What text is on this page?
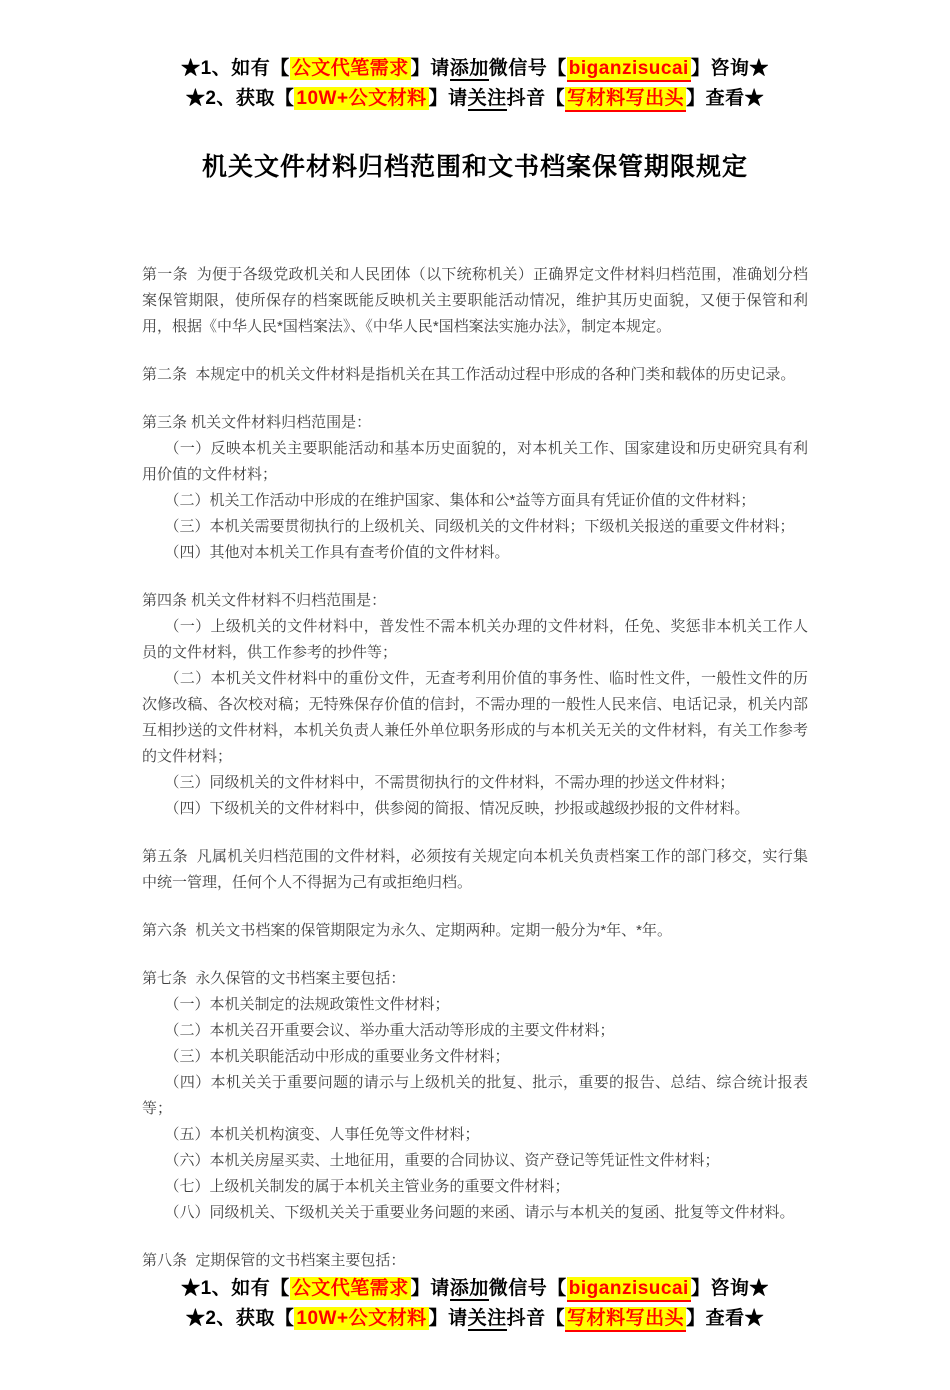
★1、如有【 公文代笔需求 】请添加微信号【 biganzisucai 】咨询★
★2、获取【 10W+公文材料 】请关注抖音【 写材料写出头 】查看★
机关文件材料归档范围和文书档案保管期限规定

第一条  为便于各级党政机关和人民团体（以下统称机关）正确界定文件材料归档范围，准确划分档案保管期限，使所保存的档案既能反映机关主要职能活动情况，维护其历史面貌，又便于保管和利用，根据《中华人民*国档案法》、《中华人民*国档案法实施办法》，制定本规定。

第二条  本规定中的机关文件材料是指机关在其工作活动过程中形成的各种门类和载体的历史记录。

第三条 机关文件材料归档范围是：

（一）反映本机关主要职能活动和基本历史面貌的，对本机关工作、国家建设和历史研究具有利用价值的文件材料；

（二）机关工作活动中形成的在维护国家、集体和公*益等方面具有凭证价值的文件材料；

（三）本机关需要贯彻执行的上级机关、同级机关的文件材料；下级机关报送的重要文件材料；

（四）其他对本机关工作具有查考价值的文件材料。

第四条 机关文件材料不归档范围是：

（一）上级机关的文件材料中，普发性不需本机关办理的文件材料，任免、奖惩非本机关工作人员的文件材料，供工作参考的抄件等；

（二）本机关文件材料中的重份文件，无查考利用价值的事务性、临时性文件，一般性文件的历次修改稿、各次校对稿；无特殊保存价值的信封，不需办理的一般性人民来信、电话记录，机关内部互相抄送的文件材料，本机关负责人兼任外单位职务形成的与本机关无关的文件材料，有关工作参考的文件材料；

（三）同级机关的文件材料中，不需贯彻执行的文件材料，不需办理的抄送文件材料；

（四）下级机关的文件材料中，供参阅的简报、情况反映，抄报或越级抄报的文件材料。

第五条  凡属机关归档范围的文件材料，必须按有关规定向本机关负责档案工作的部门移交，实行集中统一管理，任何个人不得据为己有或拒绝归档。

第六条  机关文书档案的保管期限定为永久、定期两种。定期一般分为*年、*年。

第七条  永久保管的文书档案主要包括：

（一）本机关制定的法规政策性文件材料；

（二）本机关召开重要会议、举办重大活动等形成的主要文件材料；

（三）本机关职能活动中形成的重要业务文件材料；

（四）本机关关于重要问题的请示与上级机关的批复、批示，重要的报告、总结、综合统计报表等；

（五）本机关机构演变、人事任免等文件材料；

（六）本机关房屋买卖、土地征用，重要的合同协议、资产登记等凭证性文件材料；

（七）上级机关制发的属于本机关主管业务的重要文件材料；

（八）同级机关、下级机关关于重要业务问题的来函、请示与本机关的复函、批复等文件材料。

第八条  定期保管的文书档案主要包括：

★1、如有【 公文代笔需求 】请添加微信号【 biganzisucai 】咨询★
★2、获取【 10W+公文材料 】请关注抖音【 写材料写出头 】查看★
